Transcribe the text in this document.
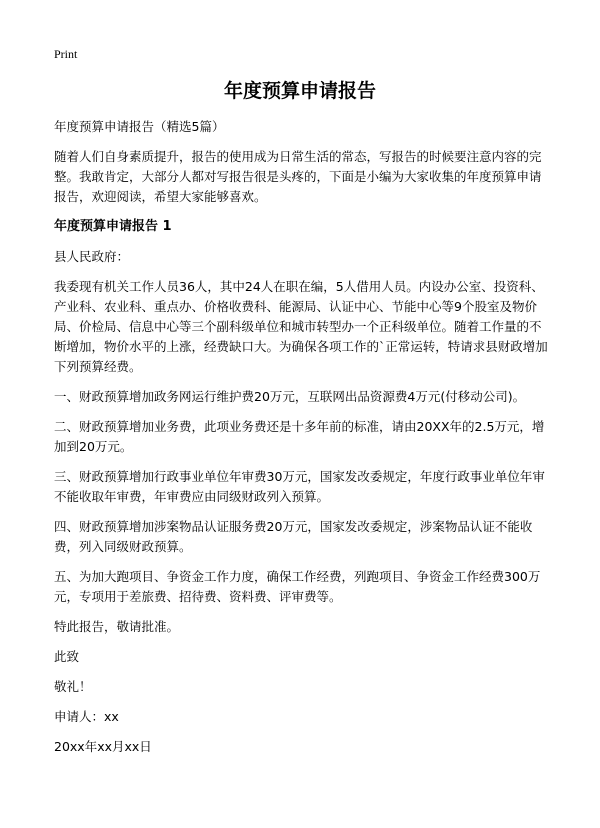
Print
年度预算申请报告

年度预算申请报告（精选5篇）

随着人们自身素质提升，报告的使用成为日常生活的常态，写报告的时候要注意内容的完整。我敢肯定，大部分人都对写报告很是头疼的，下面是小编为大家收集的年度预算申请报告，欢迎阅读，希望大家能够喜欢。

年度预算申请报告 1

县人民政府：

我委现有机关工作人员36人，其中24人在职在编，5人借用人员。内设办公室、投资科、产业科、农业科、重点办、价格收费科、能源局、认证中心、节能中心等9个股室及物价局、价检局、信息中心等三个副科级单位和城市转型办一个正科级单位。随着工作量的不断增加，物价水平的上涨，经费缺口大。为确保各项工作的`正常运转，特请求县财政增加下列预算经费。

一、财政预算增加政务网运行维护费20万元，互联网出品资源费4万元(付移动公司)。

二、财政预算增加业务费，此项业务费还是十多年前的标准，请由20XX年的2.5万元，增加到20万元。

三、财政预算增加行政事业单位年审费30万元，国家发改委规定，年度行政事业单位年审不能收取年审费，年审费应由同级财政列入预算。

四、财政预算增加涉案物品认证服务费20万元，国家发改委规定，涉案物品认证不能收费，列入同级财政预算。

五、为加大跑项目、争资金工作力度，确保工作经费，列跑项目、争资金工作经费300万元，专项用于差旅费、招待费、资料费、评审费等。

特此报告，敬请批准。

此致

敬礼！

申请人：xx

20xx年xx月xx日
